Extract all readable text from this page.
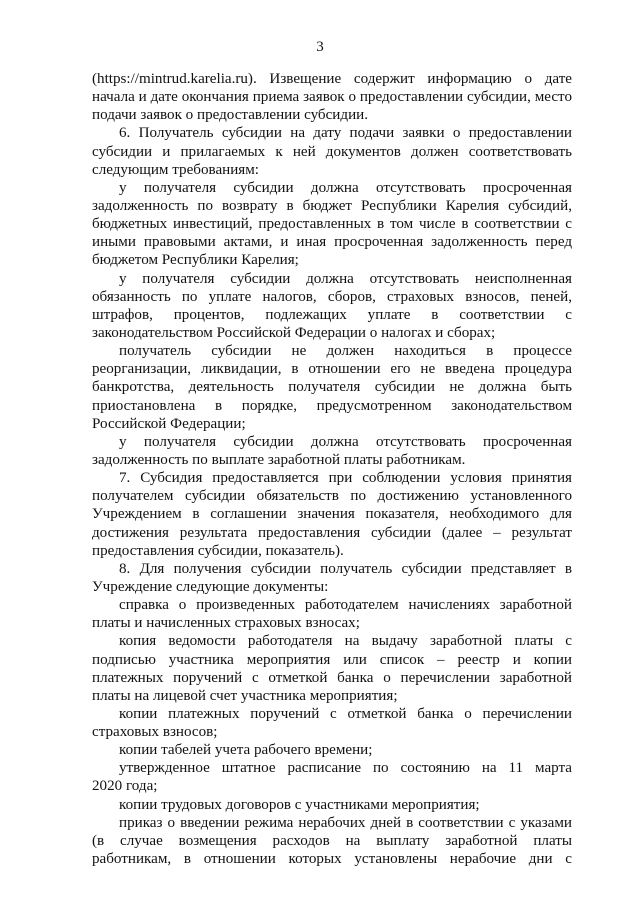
3
(https://mintrud.karelia.ru). Извещение содержит информацию о дате
начала и дате окончания приема заявок о предоставлении субсидии, место
подачи заявок о предоставлении субсидии.
6. Получатель субсидии на дату подачи заявки о предоставлении
субсидии и прилагаемых к ней документов должен соответствовать
следующим требованиям:
у получателя субсидии должна отсутствовать просроченная
задолженность по возврату в бюджет Республики Карелия субсидий,
бюджетных инвестиций, предоставленных в том числе в соответствии с
иными правовыми актами, и иная просроченная задолженность перед
бюджетом Республики Карелия;
у получателя субсидии должна отсутствовать неисполненная
обязанность по уплате налогов, сборов, страховых взносов, пеней,
штрафов, процентов, подлежащих уплате в соответствии с
законодательством Российской Федерации о налогах и сборах;
получатель субсидии не должен находиться в процессе
реорганизации, ликвидации, в отношении его не введена процедура
банкротства, деятельность получателя субсидии не должна быть
приостановлена в порядке, предусмотренном законодательством
Российской Федерации;
у получателя субсидии должна отсутствовать просроченная
задолженность по выплате заработной платы работникам.
7. Субсидия предоставляется при соблюдении условия принятия
получателем субсидии обязательств по достижению установленного
Учреждением в соглашении значения показателя, необходимого для
достижения результата предоставления субсидии (далее – результат
предоставления субсидии, показатель).
8. Для получения субсидии получатель субсидии представляет в
Учреждение следующие документы:
справка о произведенных работодателем начислениях заработной
платы и начисленных страховых взносах;
копия ведомости работодателя на выдачу заработной платы с
подписью участника мероприятия или список – реестр и копии
платежных поручений с отметкой банка о перечислении заработной
платы на лицевой счет участника мероприятия;
копии платежных поручений с отметкой банка о перечислении
страховых взносов;
копии табелей учета рабочего времени;
утвержденное штатное расписание по состоянию на 11 марта
2020 года;
копии трудовых договоров с участниками мероприятия;
приказ о введении режима нерабочих дней в соответствии с указами
(в случае возмещения расходов на выплату заработной платы
работникам, в отношении которых установлены нерабочие дни с
